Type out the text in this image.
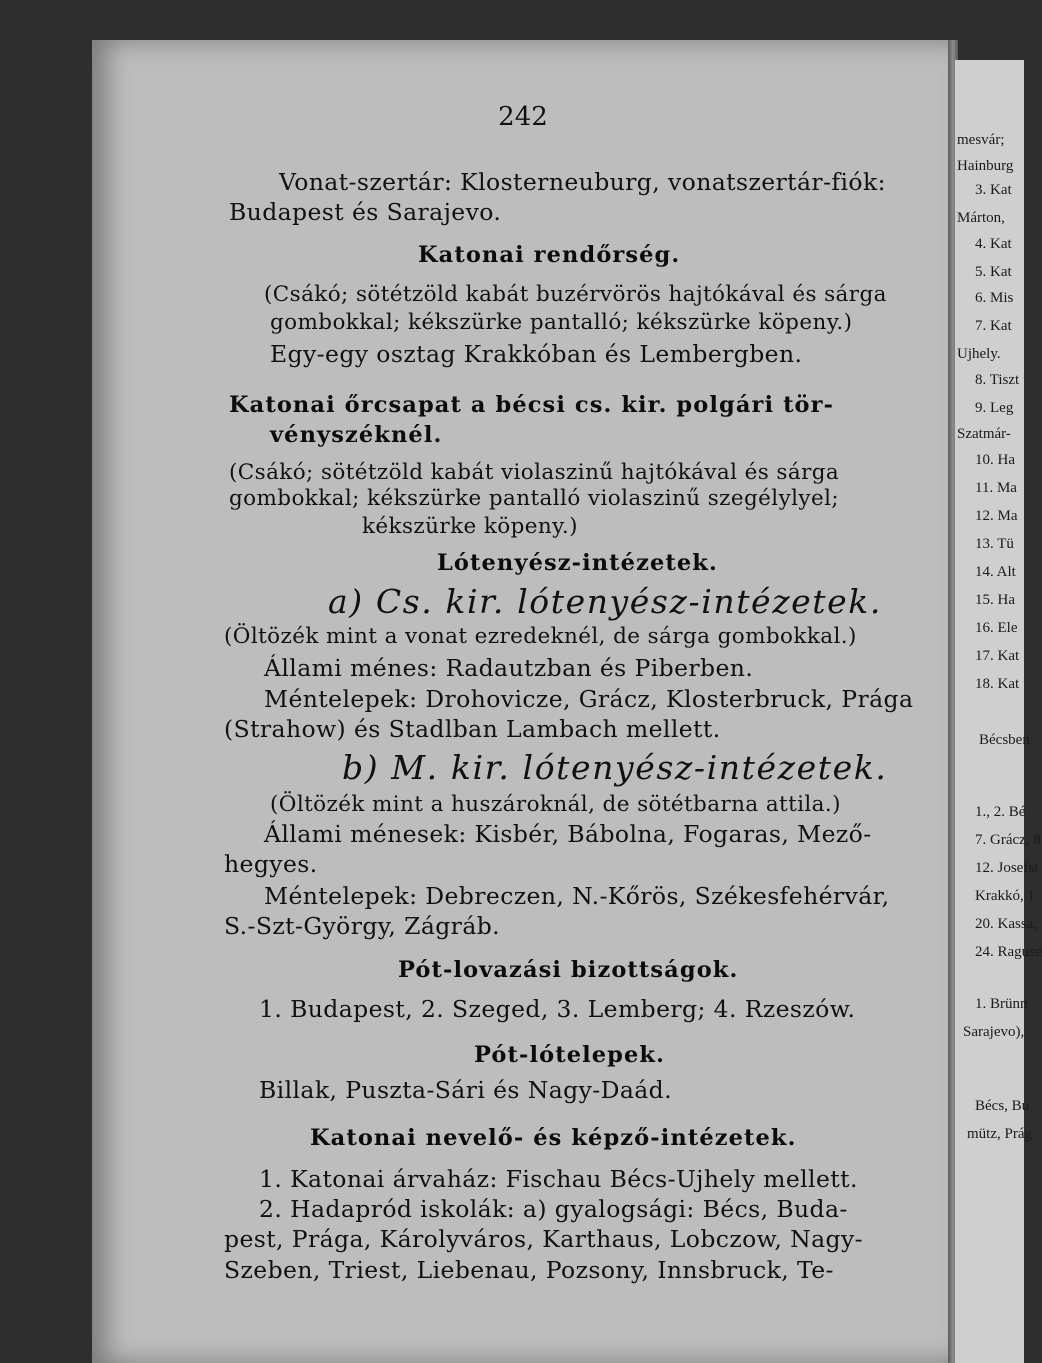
242
Vonat-szertár: Klosterneuburg, vonatszertár-fiók:
Budapest és Sarajevo.
Katonai rendőrség.
(Csákó; sötétzöld kabát buzérvörös hajtókával és sárga
gombokkal; kékszürke pantalló; kékszürke köpeny.)
Egy-egy osztag Krakkóban és Lembergben.
Katonai őrcsapat a bécsi cs. kir. polgári tör-
vényszéknél.
(Csákó; sötétzöld kabát violaszinű hajtókával és sárga
gombokkal; kékszürke pantalló violaszinű szegélylyel;
kékszürke köpeny.)
Lótenyész-intézetek.
a) Cs. kir. lótenyész-intézetek.
(Öltözék mint a vonat ezredeknél, de sárga gombokkal.)
Állami ménes: Radautzban és Piberben.
Méntelepek: Drohovicze, Grácz, Klosterbruck, Prága
(Strahow) és Stadlban Lambach mellett.
b) M. kir. lótenyész-intézetek.
(Öltözék mint a huszároknál, de sötétbarna attila.)
Állami ménesek: Kisbér, Bábolna, Fogaras, Mező-
hegyes.
Méntelepek: Debreczen, N.-Kőrös, Székesfehérvár,
S.-Szt-György, Zágráb.
Pót-lovazási bizottságok.
1. Budapest, 2. Szeged, 3. Lemberg; 4. Rzeszów.
Pót-lótelepek.
Billak, Puszta-Sári és Nagy-Daád.
Katonai nevelő- és képző-intézetek.
1. Katonai árvaház: Fischau Bécs-Ujhely mellett.
2. Hadapród iskolák: a) gyalogsági: Bécs, Buda-
pest, Prága, Károlyváros, Karthaus, Lobczow, Nagy-
Szeben, Triest, Liebenau, Pozsony, Innsbruck, Te-
mesvár;
Hainburg
3. Kat
Márton,
4. Kat
5. Kat
6. Mis
7. Kat
Ujhely.
8. Tiszt
9. Leg
Szatmár-
10. Ha
11. Ma
12. Ma
13. Tü
14. Alt
15. Ha
16. Ele
17. Kat
18. Kat
Bécsben
1., 2. Bé
7. Grácz, 8
12. Josefst
Krakkó, 1
20. Kassa,
24. Raguse
1. Brünn
Sarajevo),
Bécs, Bu
mütz, Prág
